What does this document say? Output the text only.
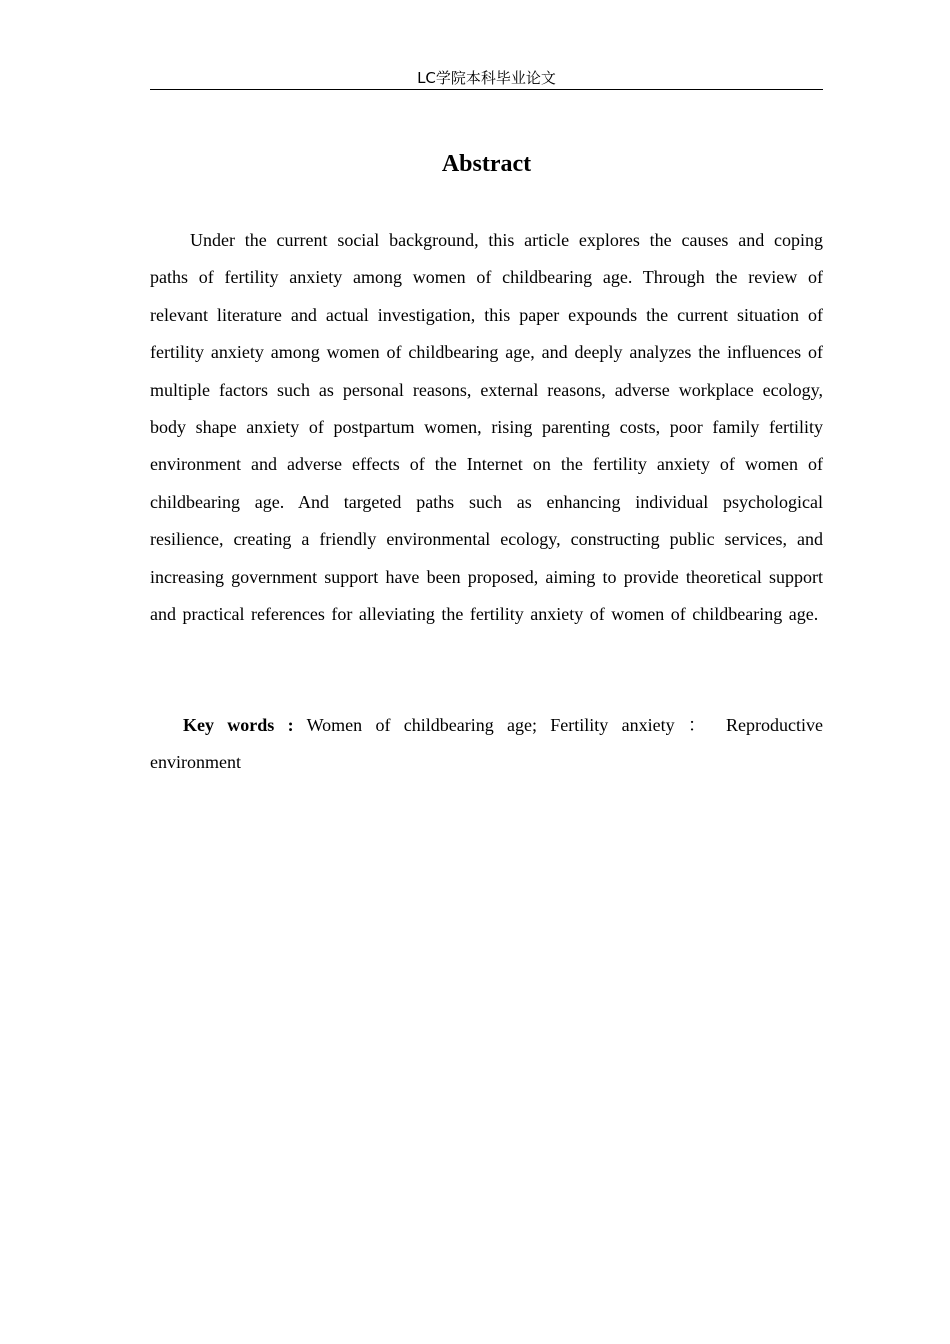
LC学院本科毕业论文
Abstract

Under the current social background, this article explores the causes and coping paths of fertility anxiety among women of childbearing age. Through the review of relevant literature and actual investigation, this paper expounds the current situation of fertility anxiety among women of childbearing age, and deeply analyzes the influences of multiple factors such as personal reasons, external reasons, adverse workplace ecology, body shape anxiety of postpartum women, rising parenting costs, poor family fertility environment and adverse effects of the Internet on the fertility anxiety of women of childbearing age. And targeted paths such as enhancing individual psychological resilience, creating a friendly environmental ecology, constructing public services, and increasing government support have been proposed, aiming to provide theoretical support and practical references for alleviating the fertility anxiety of women of childbearing age.

Key words : Women of childbearing age; Fertility anxiety ： Reproductive environment
